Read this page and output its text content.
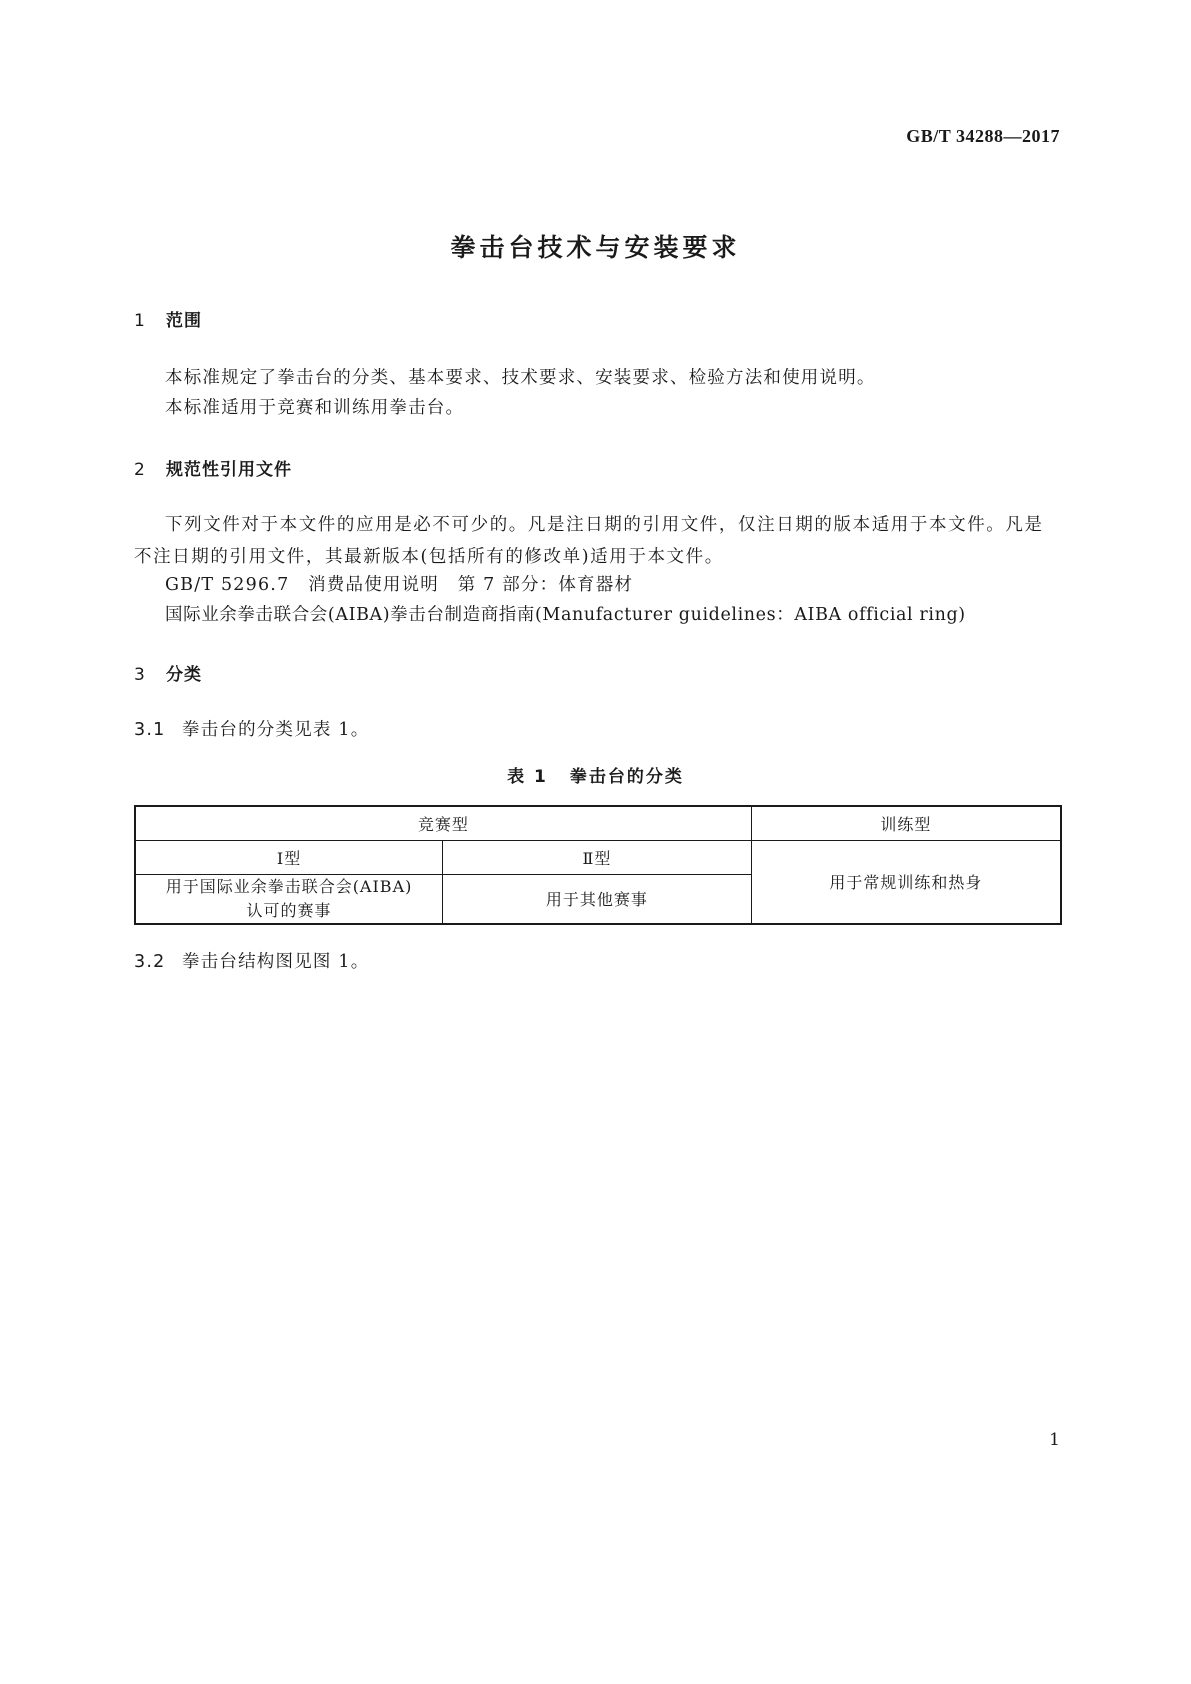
GB/T 34288—2017
拳击台技术与安装要求
1 范围
本标准规定了拳击台的分类、基本要求、技术要求、安装要求、检验方法和使用说明。
本标准适用于竞赛和训练用拳击台。
2 规范性引用文件
下列文件对于本文件的应用是必不可少的。凡是注日期的引用文件，仅注日期的版本适用于本文件。凡是不注日期的引用文件，其最新版本(包括所有的修改单)适用于本文件。
GB/T 5296.7　消费品使用说明　第 7 部分：体育器材
国际业余拳击联合会(AIBA)拳击台制造商指南(Manufacturer guidelines：AIBA official ring)
3 分类
3.1 拳击台的分类见表 1。
表 1 拳击台的分类
竞赛型		训练型
Ⅰ型	Ⅱ型	用于常规训练和热身
用于国际业余拳击联合会(AIBA)认可的赛事	用于其他赛事	
3.2 拳击台结构图见图 1。
1
